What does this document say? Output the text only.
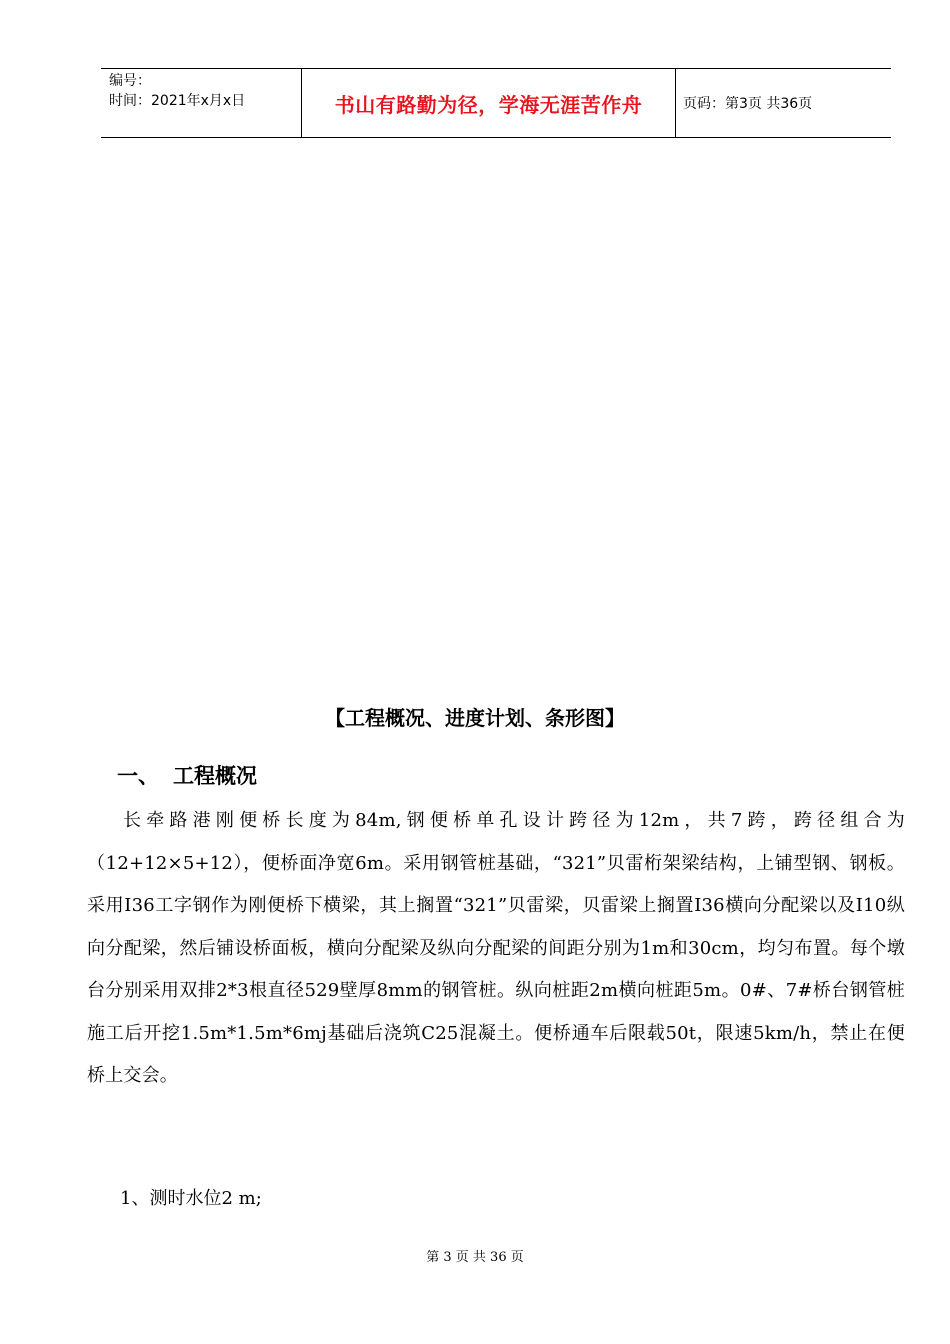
编号：
时间：2021年x月x日	书山有路勤为径，学海无涯苦作舟	页码：第3页 共36页
【工程概况、进度计划、条形图】
一、 工程概况
长牵路港刚便桥长度为84m,钢便桥单孔设计跨径为12m，共7跨，跨径组合为（12+12×5+12），便桥面净宽6m。采用钢管桩基础，“321”贝雷桁架梁结构，上铺型钢、钢板。采用I36工字钢作为刚便桥下横梁，其上搁置“321”贝雷梁，贝雷梁上搁置I36横向分配梁以及I10纵向分配梁，然后铺设桥面板，横向分配梁及纵向分配梁的间距分别为1m和30cm，均匀布置。每个墩台分别采用双排2*3根直径529壁厚8mm的钢管桩。纵向桩距2m横向桩距5m。0#、7#桥台钢管桩施工后开挖1.5m*1.5m*6mj基础后浇筑C25混凝土。便桥通车后限载50t，限速5km/h，禁止在便桥上交会。
1、测时水位2 m;
第 3 页 共 36 页
